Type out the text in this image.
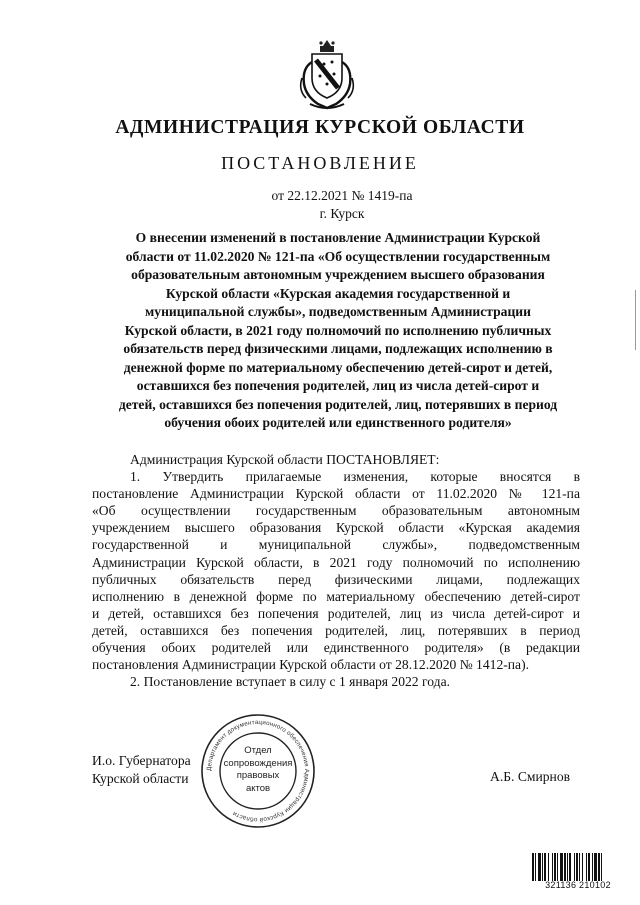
АДМИНИСТРАЦИЯ КУРСКОЙ ОБЛАСТИ
ПОСТАНОВЛЕНИЕ
от 22.12.2021 № 1419-па
г. Курск
О внесении изменений в постановление Администрации Курской
области от 11.02.2020 № 121-па «Об осуществлении государственным
образовательным автономным учреждением высшего образования
Курской области «Курская академия государственной и
муниципальной службы», подведомственным Администрации
Курской области, в 2021 году полномочий по исполнению публичных
обязательств перед физическими лицами, подлежащих исполнению в
денежной форме по материальному обеспечению детей-сирот и детей,
оставшихся без попечения родителей, лиц из числа детей-сирот и
детей, оставшихся без попечения родителей, лиц, потерявших в период
обучения обоих родителей или единственного родителя»
Администрация Курской области ПОСТАНОВЛЯЕТ:
1. Утвердить прилагаемые изменения, которые вносятся в
постановление Администрации Курской области от 11.02.2020 № 121-па
«Об осуществлении государственным образовательным автономным
учреждением высшего образования Курской области «Курская академия
государственной и муниципальной службы», подведомственным
Администрации Курской области, в 2021 году полномочий по исполнению
публичных обязательств перед физическими лицами, подлежащих
исполнению в денежной форме по материальному обеспечению детей-сирот
и детей, оставшихся без попечения родителей, лиц из числа детей-сирот и
детей, оставшихся без попечения родителей, лиц, потерявших в период
обучения обоих родителей или единственного родителя» (в редакции
постановления Администрации Курской области от 28.12.2020 № 1412-па).
2. Постановление вступает в силу с 1 января 2022 года.
И.о. Губернатора
Курской области	А.Б. Смирнов
Департамент документационного обеспечения Администрации Курской области
Отдел
сопровождения
правовых
актов
321136 210102
